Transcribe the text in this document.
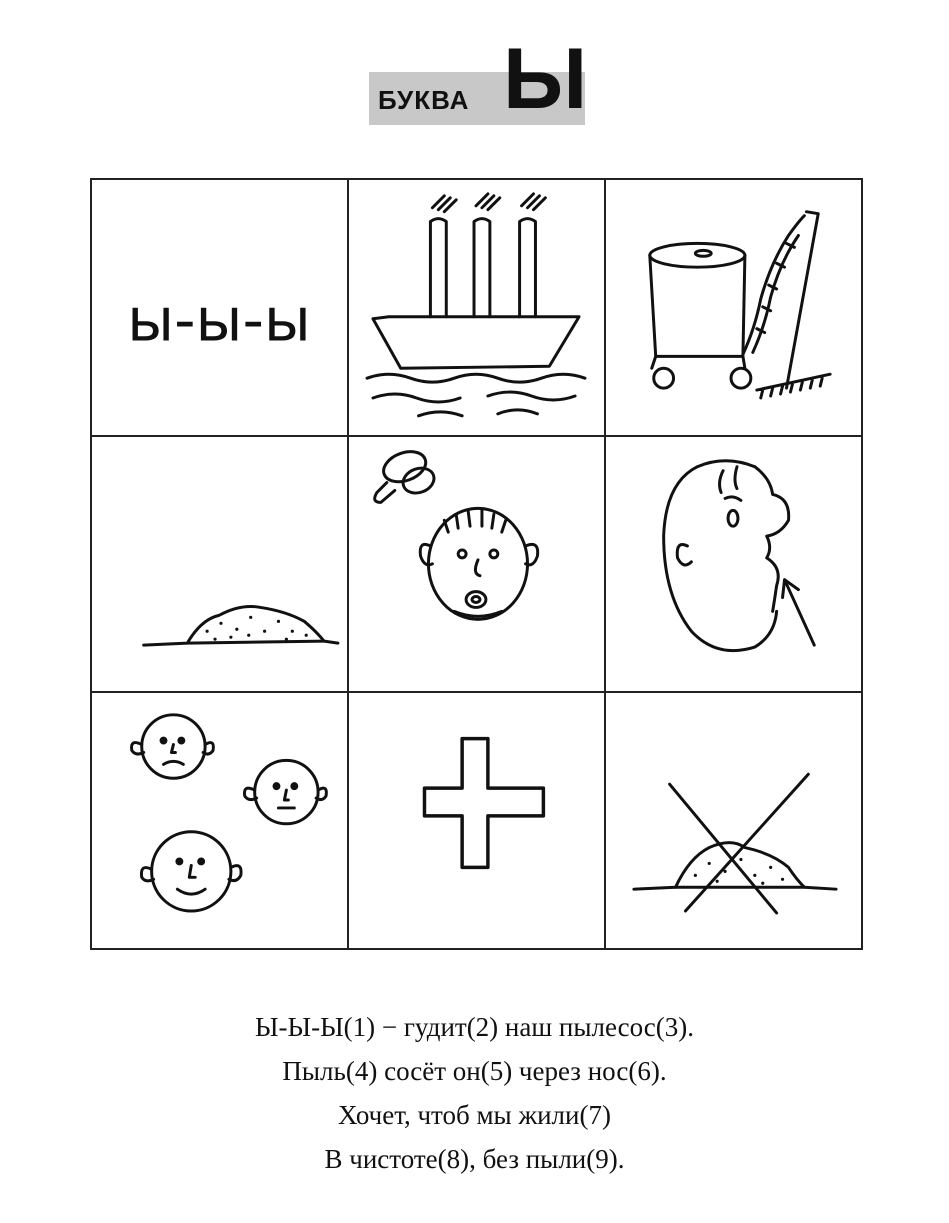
БУКВА Ы
ы-ы-ы
Ы-Ы-Ы(1) − гудит(2) наш пылесос(3).
Пыль(4) сосёт он(5) через нос(6).
Хочет, чтоб мы жили(7)
В чистоте(8), без пыли(9).
